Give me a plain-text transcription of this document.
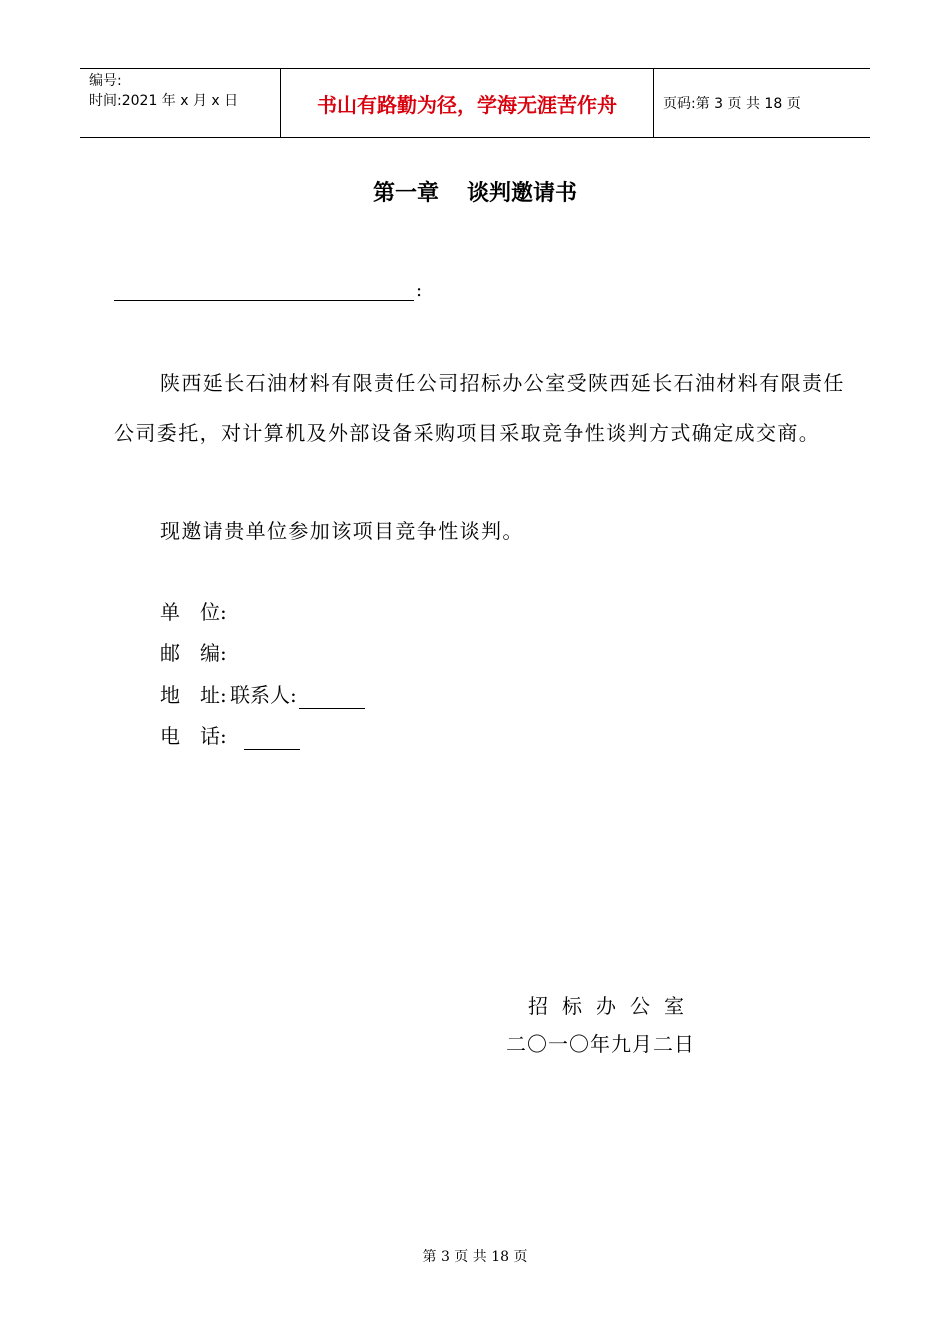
编号:
时间:2021 年 x 月 x 日	书山有路勤为径，学海无涯苦作舟	页码:第 3 页 共 18 页
第一章 谈判邀请书
:
陕西延长石油材料有限责任公司招标办公室受陕西延长石油材料有限责任公司委托，对计算机及外部设备采购项目采取竞争性谈判方式确定成交商。
现邀请贵单位参加该项目竞争性谈判。
单　位:
邮　编:
地　址: 联系人:
电　话:
招标办公室
二〇一〇年九月二日
第 3 页 共 18 页
